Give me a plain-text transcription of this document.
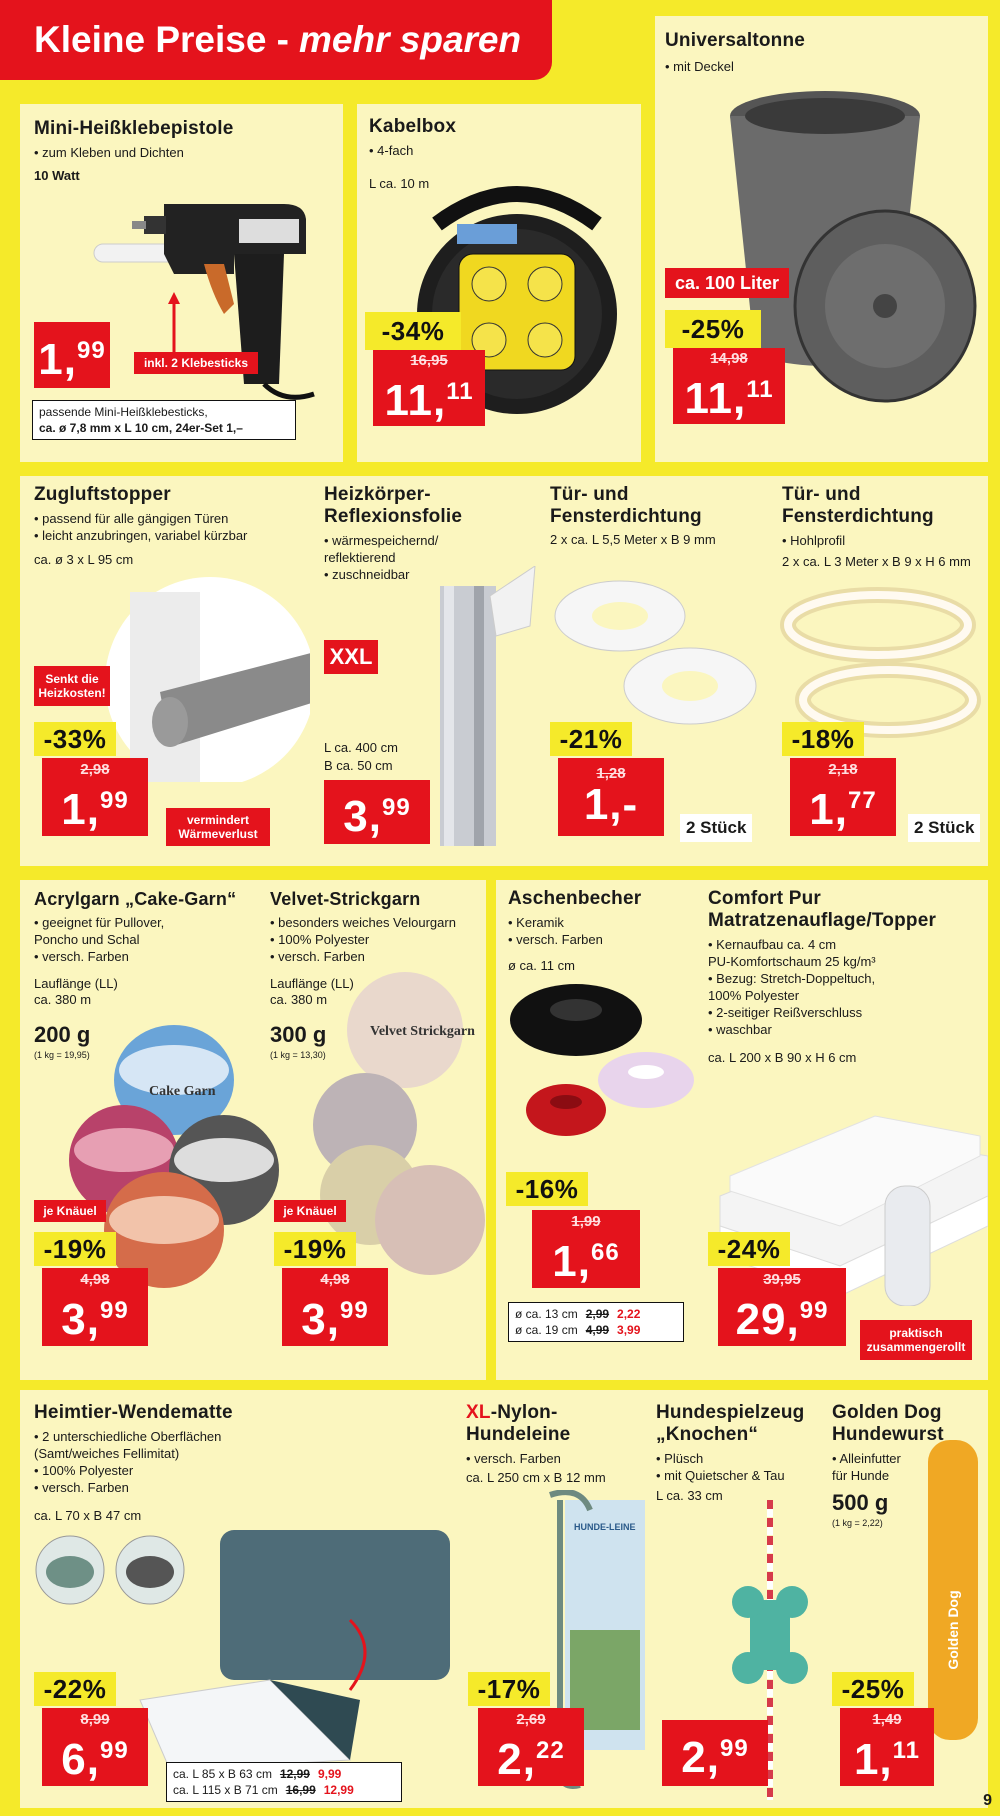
Mini-Heißklebepistole
• zum Kleben und Dichten
10 Watt
1,99	inkl. 2 Klebesticks
passende Mini-Heißklebesticks,
ca. ø 7,8 mm x L 10 cm, 24er-Set 1,–
Kabelbox
• 4-fach
L ca. 10 m
-34%
16,95
11,11
Universaltonne
• mit Deckel
ca. 100 Liter
-25%
14,98
11,11
Kleine Preise - mehr sparen
Zugluftstopper
• passend für alle gängigen Türen
• leicht anzubringen, variabel kürzbar
ca. ø 3 x L 95 cm
Senkt die Heizkosten!
-33%
2,98
1,99
vermindert Wärmeverlust
Heizkörper-
Reflexionsfolie
• wärmespeichernd/
reflektierend
• zuschneidbar
XXL
L ca. 400 cm
B ca. 50 cm
3,99
Tür- und
Fensterdichtung
2 x ca. L 5,5 Meter x B 9 mm
-21%
1,28
1,-	2 Stück
Tür- und
Fensterdichtung
• Hohlprofil
2 x ca. L 3 Meter x B 9 x H 6 mm
-18%
2,18
1,77
2 Stück
Acrylgarn „Cake-Garn“
• geeignet für Pullover,
Poncho und Schal
• versch. Farben
Lauflänge (LL)
ca. 380 m
200 g
(1 kg = 19,95)
Cake Garn
je Knäuel
-19%
4,98
3,99
Velvet-Strickgarn
• besonders weiches Velourgarn
• 100% Polyester
• versch. Farben
Lauflänge (LL)
ca. 380 m
300 g
(1 kg = 13,30)
Velvet Strickgarn
je Knäuel
-19%
4,98
3,99
Aschenbecher
• Keramik
• versch. Farben
ø ca. 11 cm
-16%
1,99
1,66
ø ca. 13 cm 2,99 2,22
ø ca. 19 cm 4,99 3,99
Comfort Pur
Matratzenauflage/Topper
• Kernaufbau ca. 4 cm
PU-Komfortschaum 25 kg/m³
• Bezug: Stretch-Doppeltuch,
100% Polyester
• 2-seitiger Reißverschluss
• waschbar
ca. L 200 x B 90 x H 6 cm
-24%
39,95
29,99
praktisch zusammengerollt
Heimtier-Wendematte
• 2 unterschiedliche Oberflächen
(Samt/weiches Fellimitat)
• 100% Polyester
• versch. Farben
ca. L 70 x B 47 cm
-22%
8,99
6,99
ca. L 85 x B 63 cm 12,99 9,99
ca. L 115 x B 71 cm 16,99 12,99
XL-Nylon-
Hundeleine
• versch. Farben
ca. L 250 cm x B 12 mm
HUNDE-LEINE
-17%
2,69
2,22
Hundespielzeug
„Knochen“
• Plüsch
• mit Quietscher & Tau
L ca. 33 cm
2,99
Golden Dog
Hundewurst
• Alleinfutter
für Hunde
500 g
(1 kg = 2,22)
Golden Dog
-25%
1,49
1,11
9
